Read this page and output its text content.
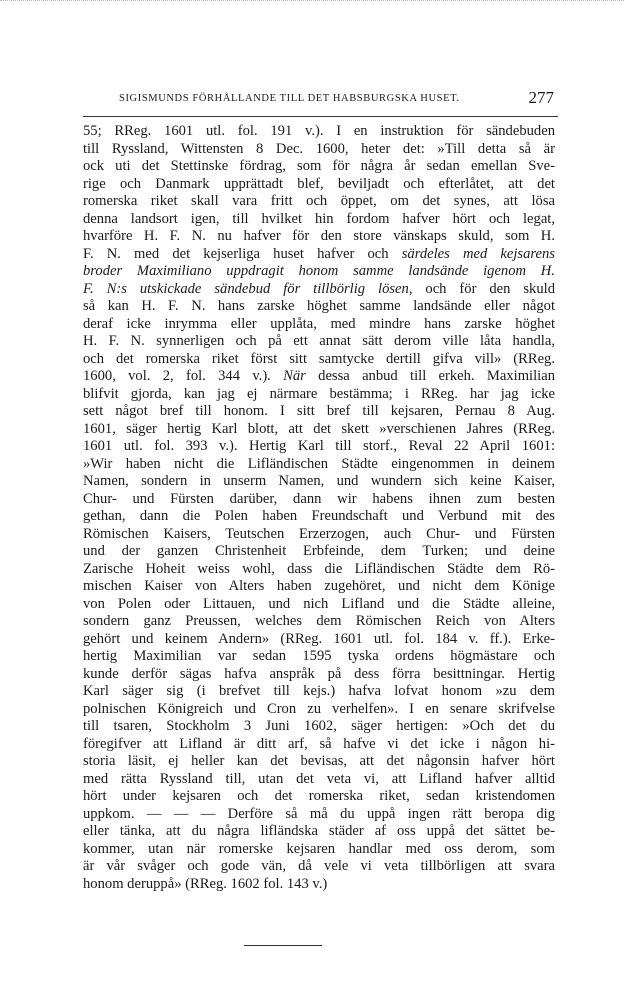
SIGISMUNDS FÖRHÅLLANDE TILL DET HABSBURGSKA HUSET.	277
55; RReg. 1601 utl. fol. 191 v.). I en instruktion för sändebuden
till Ryssland, Wittensten 8 Dec. 1600, heter det: »Till detta så är
ock uti det Stettinske fördrag, som för några år sedan emellan Sve-
rige och Danmark upprättadt blef, beviljadt och efterlåtet, att det
romerska riket skall vara fritt och öppet, om det synes, att lösa
denna landsort igen, till hvilket hin fordom hafver hört och legat,
hvarföre H. F. N. nu hafver för den store vänskaps skuld, som H.
F. N. med det kejserliga huset hafver och särdeles med kejsarens
broder Maximiliano uppdragit honom samme landsände igenom H.
F. N:s utskickade sändebud för tillbörlig lösen, och för den skuld
så kan H. F. N. hans zarske höghet samme landsände eller något
deraf icke inrymma eller upplåta, med mindre hans zarske höghet
H. F. N. synnerligen och på ett annat sätt derom ville låta handla,
och det romerska riket först sitt samtycke dertill gifva vill» (RReg.
1600, vol. 2, fol. 344 v.). När dessa anbud till erkeh. Maximilian
blifvit gjorda, kan jag ej närmare bestämma; i RReg. har jag icke
sett något bref till honom. I sitt bref till kejsaren, Pernau 8 Aug.
1601, säger hertig Karl blott, att det skett »verschienen Jahres (RReg.
1601 utl. fol. 393 v.). Hertig Karl till storf., Reval 22 April 1601:
»Wir haben nicht die Lifländischen Städte eingenommen in deinem
Namen, sondern in unserm Namen, und wundern sich keine Kaiser,
Chur- und Fürsten darüber, dann wir habens ihnen zum besten
gethan, dann die Polen haben Freundschaft und Verbund mit des
Römischen Kaisers, Teutschen Erzerzogen, auch Chur- und Fürsten
und der ganzen Christenheit Erbfeinde, dem Turken; und deine
Zarische Hoheit weiss wohl, dass die Lifländischen Städte dem Rö-
mischen Kaiser von Alters haben zugehöret, und nicht dem Könige
von Polen oder Littauen, und nich Lifland und die Städte alleine,
sondern ganz Preussen, welches dem Römischen Reich von Alters
gehört und keinem Andern» (RReg. 1601 utl. fol. 184 v. ff.). Erke-
hertig Maximilian var sedan 1595 tyska ordens högmästare och
kunde derför sägas hafva anspråk på dess förra besittningar. Hertig
Karl säger sig (i brefvet till kejs.) hafva lofvat honom »zu dem
polnischen Königreich und Cron zu verhelfen». I en senare skrifvelse
till tsaren, Stockholm 3 Juni 1602, säger hertigen: »Och det du
föregifver att Lifland är ditt arf, så hafve vi det icke i någon hi-
storia läsit, ej heller kan det bevisas, att det någonsin hafver hört
med rätta Ryssland till, utan det veta vi, att Lifland hafver alltid
hört under kejsaren och det romerska riket, sedan kristendomen
uppkom. — — — Derföre så må du uppå ingen rätt beropa dig
eller tänka, att du några lifländska städer af oss uppå det sättet be-
kommer, utan när romerske kejsaren handlar med oss derom, som
är vår svåger och gode vän, då vele vi veta tillbörligen att svara
honom deruppå» (RReg. 1602 fol. 143 v.)
